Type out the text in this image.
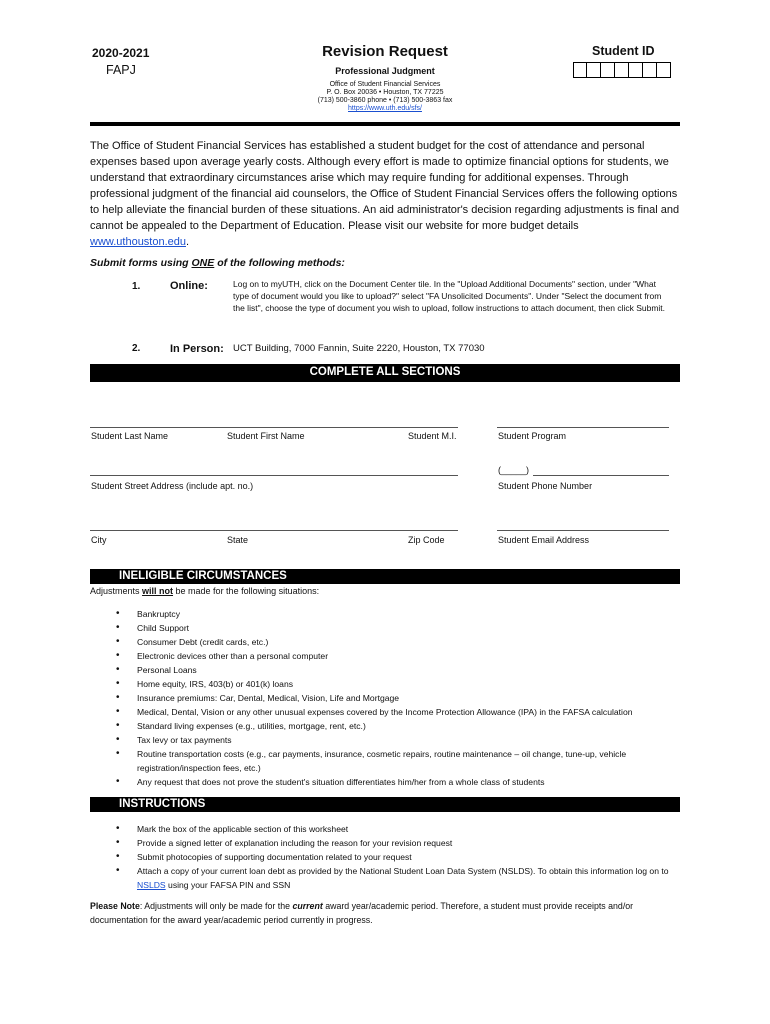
2020-2021
FAPJ
Revision Request
Professional Judgment
Office of Student Financial Services
P. O. Box 20036 • Houston, TX 77225
(713) 500-3860 phone • (713) 500-3863 fax
https://www.uth.edu/sfs/
Student ID
The Office of Student Financial Services has established a student budget for the cost of attendance and personal expenses based upon average yearly costs. Although every effort is made to optimize financial options for students, we understand that extraordinary circumstances arise which may require funding for additional expenses. Through professional judgment of the financial aid counselors, the Office of Student Financial Services offers the following options to help alleviate the financial burden of these situations. An aid administrator's decision regarding adjustments is final and cannot be appealed to the Department of Education. Please visit our website for more budget details www.uthouston.edu.
Submit forms using ONE of the following methods:
1.	Online:	Log on to myUTH, click on the Document Center tile. In the "Upload Additional Documents" section, under "What type of document would you like to upload?" select "FA Unsolicited Documents". Under "Select the document from the list", choose the type of document you wish to upload, follow instructions to attach document, then click Submit.
2.	In Person: UCT Building, 7000 Fannin, Suite 2220, Houston, TX 77030
COMPLETE ALL SECTIONS
Student Last Name	Student First Name	Student M.I.	Student Program
(_____)
Student Street Address (include apt. no.)	Student Phone Number
City	State	Zip Code	Student Email Address
INELIGIBLE CIRCUMSTANCES
Adjustments will not be made for the following situations:
• Bankruptcy
• Child Support
• Consumer Debt (credit cards, etc.)
• Electronic devices other than a personal computer
• Personal Loans
• Home equity, IRS, 403(b) or 401(k) loans
• Insurance premiums: Car, Dental, Medical, Vision, Life and Mortgage
• Medical, Dental, Vision or any other unusual expenses covered by the Income Protection Allowance (IPA) in the FAFSA calculation
• Standard living expenses (e.g., utilities, mortgage, rent, etc.)
• Tax levy or tax payments
• Routine transportation costs (e.g., car payments, insurance, cosmetic repairs, routine maintenance – oil change, tune-up, vehicle registration/inspection fees, etc.)
• Any request that does not prove the student's situation differentiates him/her from a whole class of students
INSTRUCTIONS
• Mark the box of the applicable section of this worksheet
• Provide a signed letter of explanation including the reason for your revision request
• Submit photocopies of supporting documentation related to your request
• Attach a copy of your current loan debt as provided by the National Student Loan Data System (NSLDS). To obtain this information log on to NSLDS using your FAFSA PIN and SSN
Please Note: Adjustments will only be made for the current award year/academic period. Therefore, a student must provide receipts and/or documentation for the award year/academic period currently in progress.
